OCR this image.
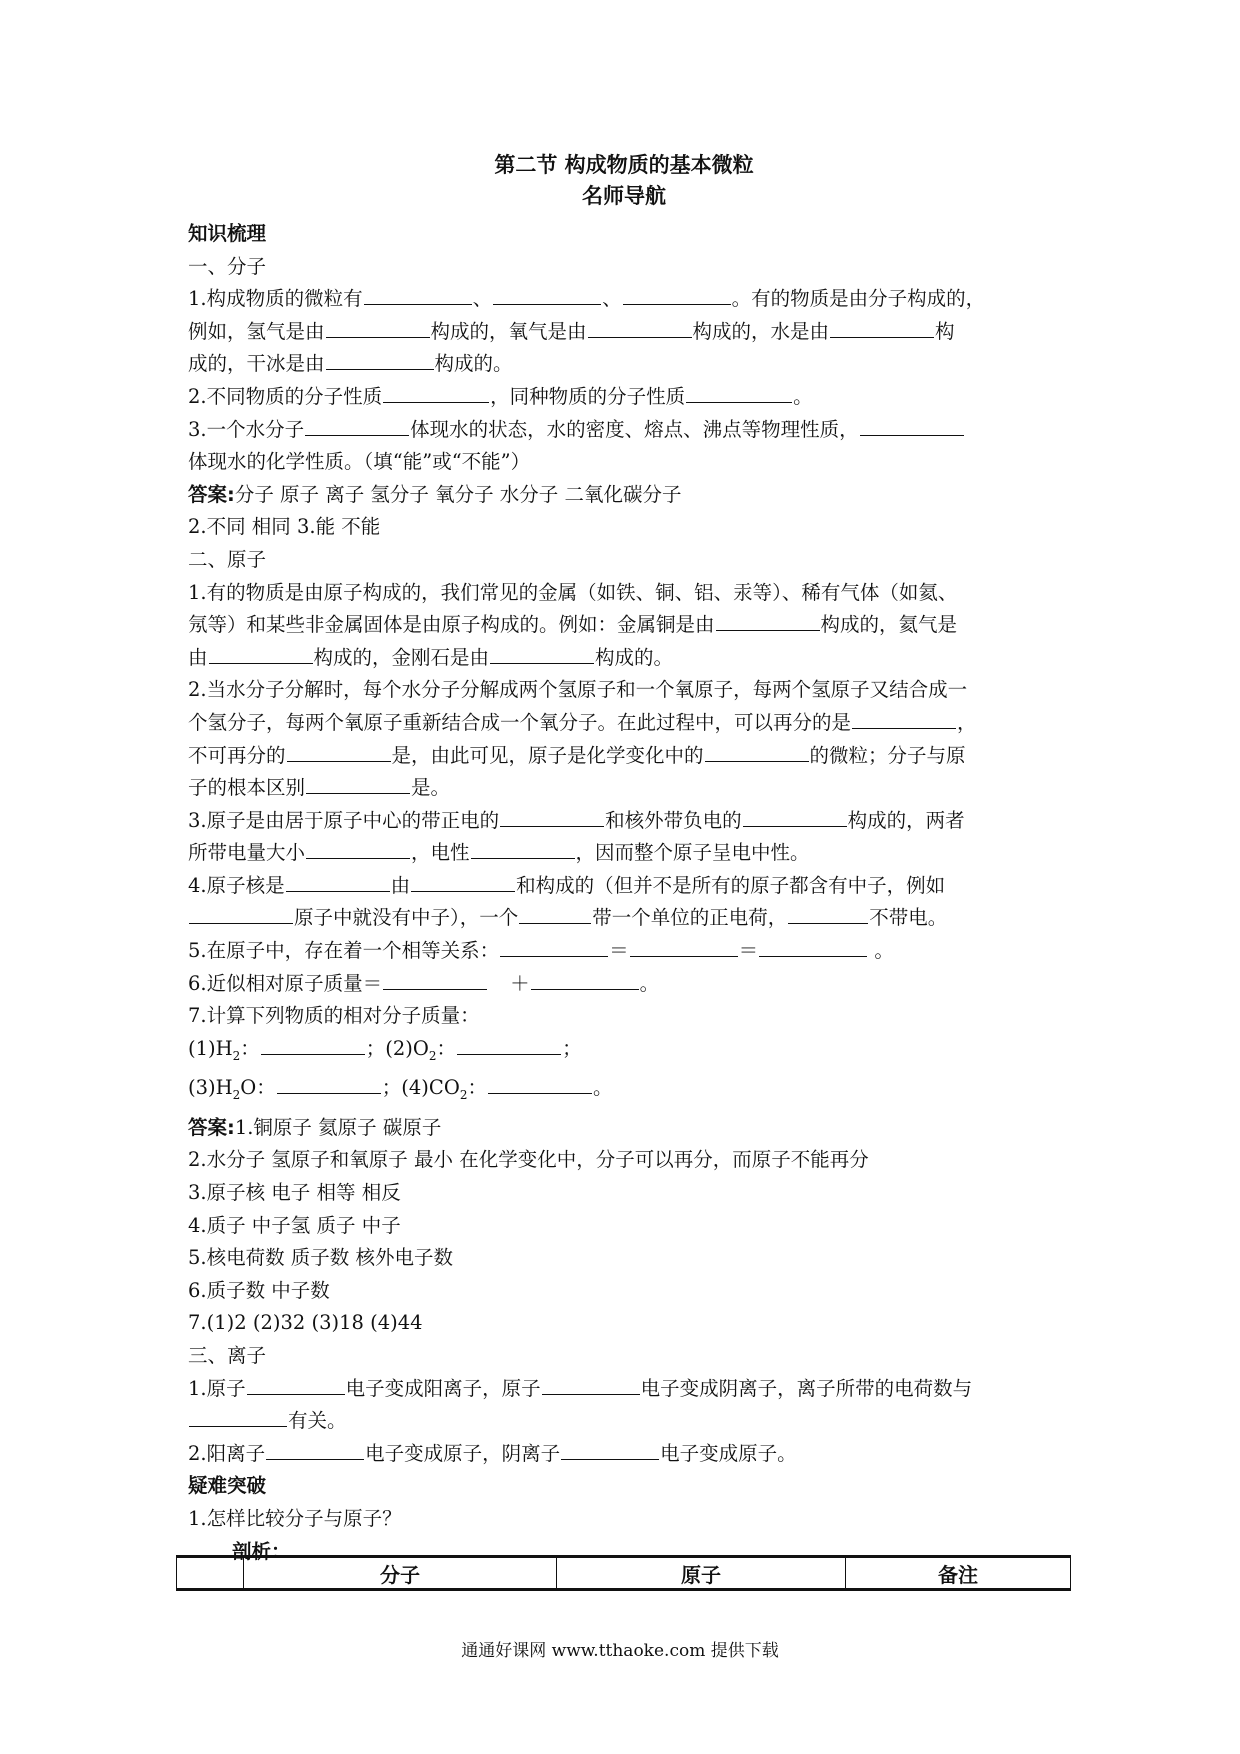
第二节 构成物质的基本微粒

名师导航

知识梳理

一、分子

1.构成物质的微粒有	、	、	。有的物质是由分子构成的，

例如，氢气是由	构成的，氧气是由	构成的，水是由	构

成的，干冰是由	构成的。

2.不同物质的分子性质	，同种物质的分子性质	。

3.一个水分子	体现水的状态，水的密度、熔点、沸点等物理性质，

体现水的化学性质。（填“能”或“不能”）

答案:分子 原子 离子 氢分子 氧分子 水分子 二氧化碳分子

2.不同 相同 3.能 不能

二、原子

1.有的物质是由原子构成的，我们常见的金属（如铁、铜、铝、汞等）、稀有气体（如氦、

氖等）和某些非金属固体是由原子构成的。例如：金属铜是由	构成的，氦气是

由	构成的，金刚石是由	构成的。

2.当水分子分解时，每个水分子分解成两个氢原子和一个氧原子，每两个氢原子又结合成一

个氢分子，每两个氧原子重新结合成一个氧分子。在此过程中，可以再分的是	，

不可再分的	是，由此可见，原子是化学变化中的	的微粒；分子与原

子的根本区别	是。

3.原子是由居于原子中心的带正电的	和核外带负电的	构成的，两者

所带电量大小	，电性	，因而整个原子呈电中性。

4.原子核是	由	和构成的（但并不是所有的原子都含有中子，例如

原子中就没有中子），一个	带一个单位的正电荷，	不带电。

5.在原子中，存在着一个相等关系：	＝	＝	。

6.近似相对原子质量＝	＋	。

7.计算下列物质的相对分子质量：

$(1)H_2$：	；$(2)O_2$：	；

$(3)H_2O$：	；$(4)CO_2$：	。

答案:1.铜原子 氦原子 碳原子

2.水分子 氢原子和氧原子 最小 在化学变化中，分子可以再分，而原子不能再分

3.原子核 电子 相等 相反

4.质子 中子氢 质子 中子

5.核电荷数 质子数 核外电子数

6.质子数 中子数

7.(1)2 (2)32 (3)18 (4)44

三、离子

1.原子	电子变成阳离子，原子	电子变成阴离子，离子所带的电荷数与

有关。

2.阳离子	电子变成原子，阴离子	电子变成原子。

疑难突破

1.怎样比较分子与原子？

剖析：

	分子	原子	备注
通通好课网 www.tthaoke.com 提供下载
